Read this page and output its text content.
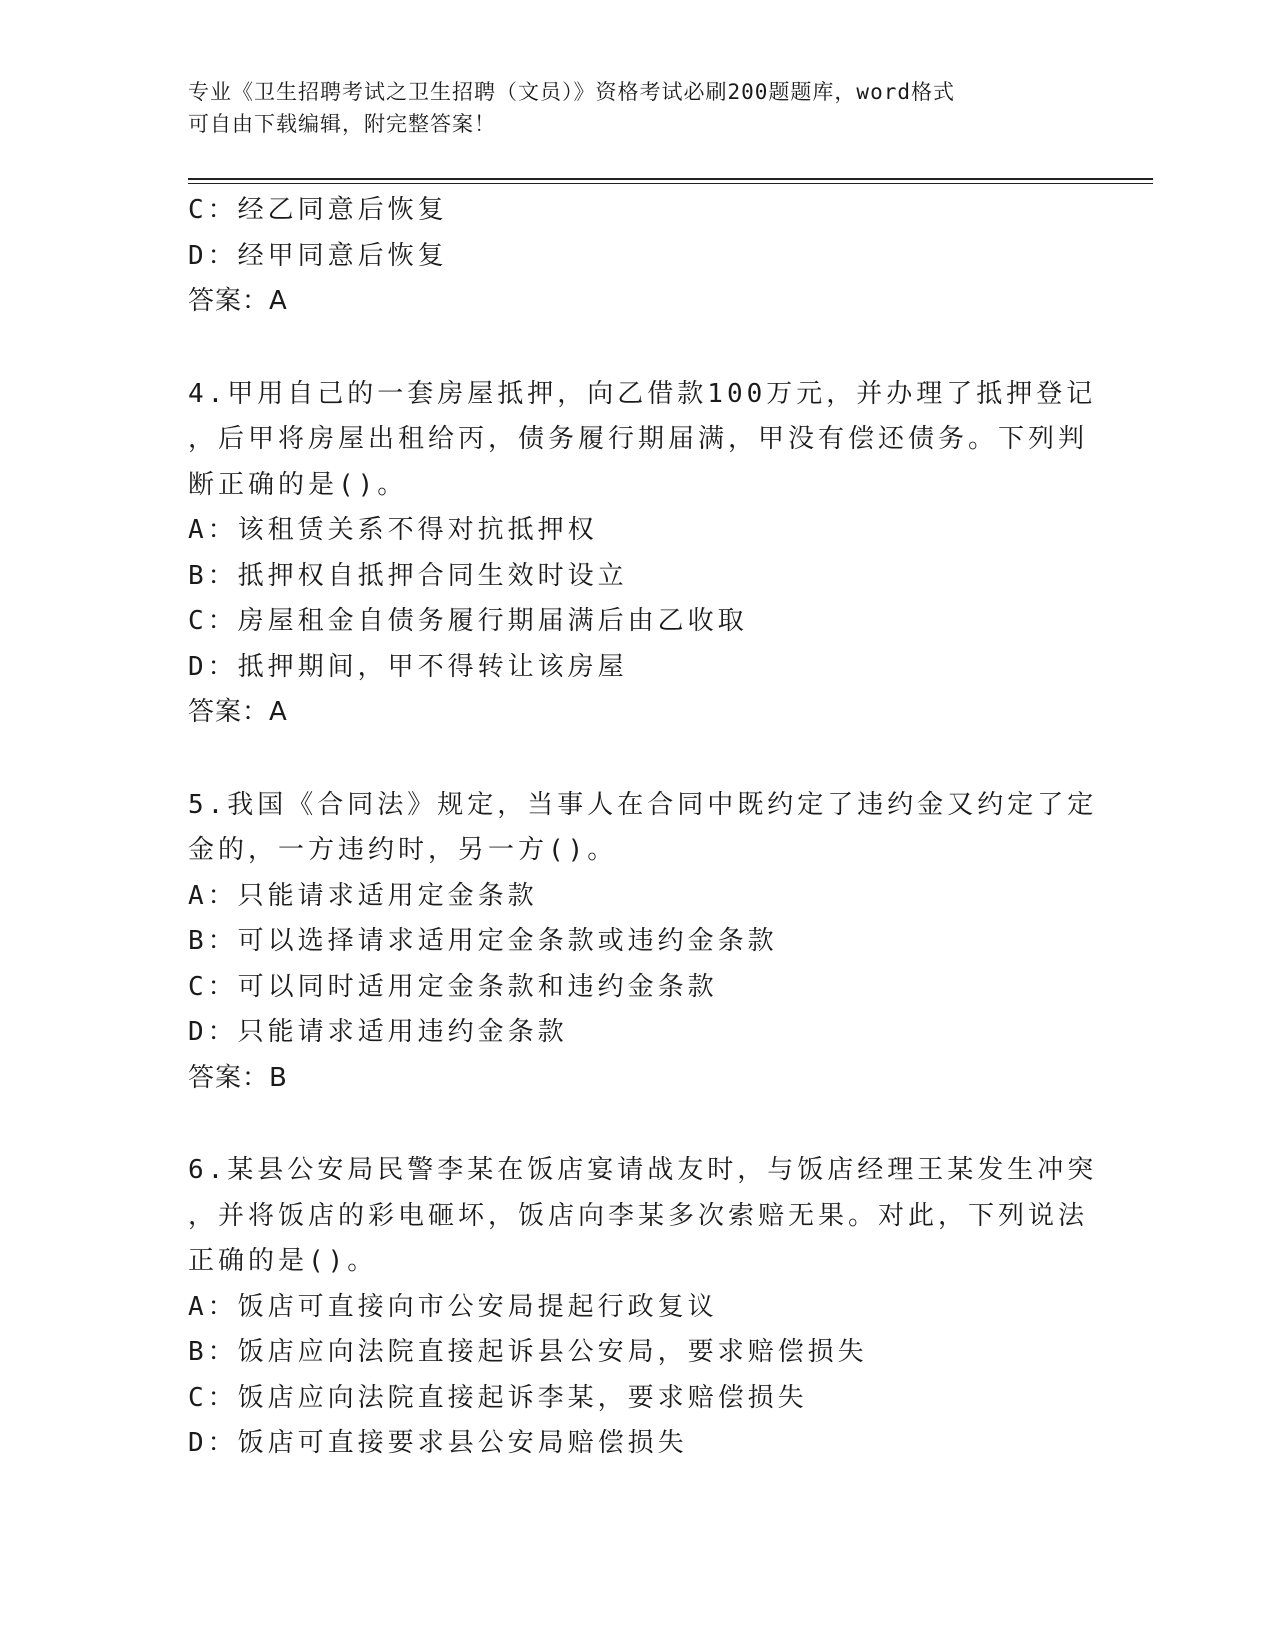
专业《卫生招聘考试之卫生招聘（文员）》资格考试必刷200题题库，word格式
可自由下载编辑，附完整答案！
C：经乙同意后恢复
D：经甲同意后恢复
答案：A
4.甲用自己的一套房屋抵押，向乙借款100万元，并办理了抵押登记
，后甲将房屋出租给丙，债务履行期届满，甲没有偿还债务。下列判
断正确的是()。
A：该租赁关系不得对抗抵押权
B：抵押权自抵押合同生效时设立
C：房屋租金自债务履行期届满后由乙收取
D：抵押期间，甲不得转让该房屋
答案：A
5.我国《合同法》规定，当事人在合同中既约定了违约金又约定了定
金的，一方违约时，另一方()。
A：只能请求适用定金条款
B：可以选择请求适用定金条款或违约金条款
C：可以同时适用定金条款和违约金条款
D：只能请求适用违约金条款
答案：B
6.某县公安局民警李某在饭店宴请战友时，与饭店经理王某发生冲突
，并将饭店的彩电砸坏，饭店向李某多次索赔无果。对此，下列说法
正确的是()。
A：饭店可直接向市公安局提起行政复议
B：饭店应向法院直接起诉县公安局，要求赔偿损失
C：饭店应向法院直接起诉李某，要求赔偿损失
D：饭店可直接要求县公安局赔偿损失
